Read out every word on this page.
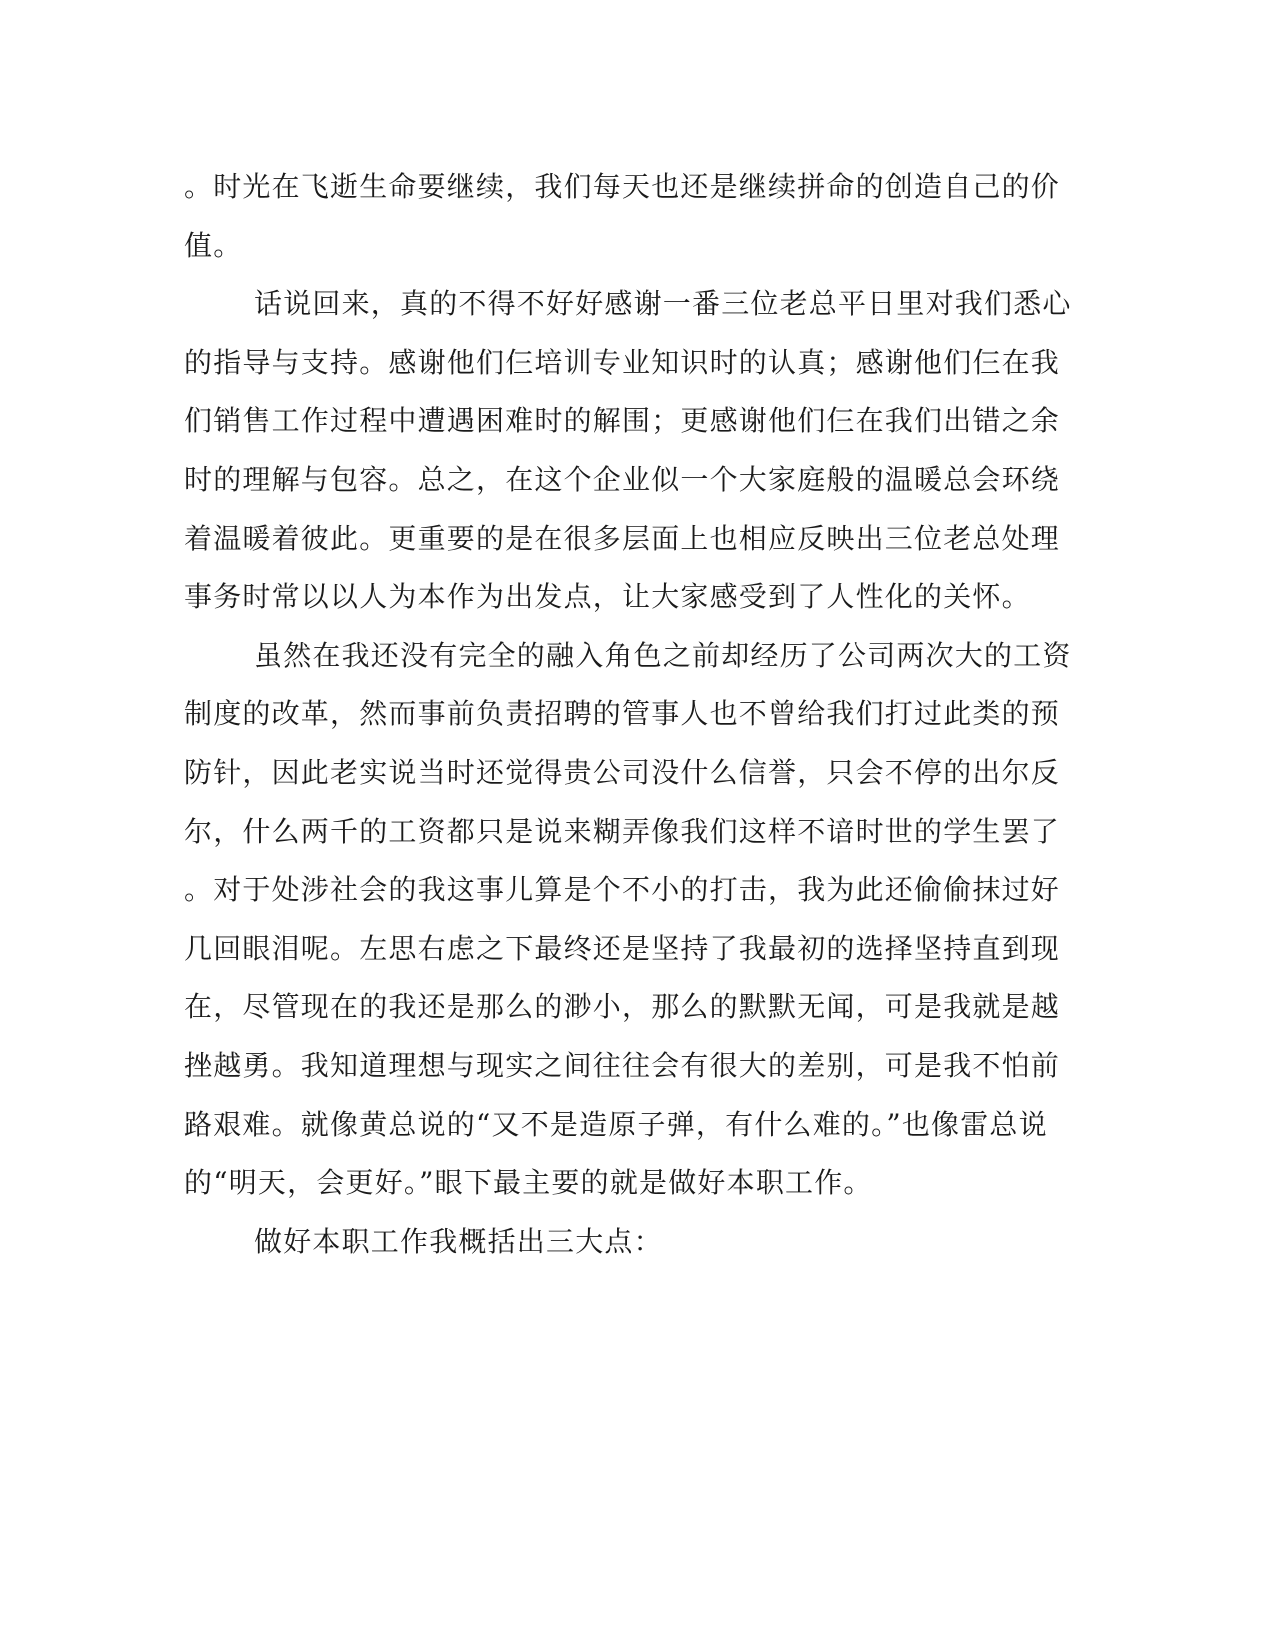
。时光在飞逝生命要继续，我们每天也还是继续拼命的创造自己的价
值。
话说回来，真的不得不好好感谢一番三位老总平日里对我们悉心
的指导与支持。感谢他们仨培训专业知识时的认真；感谢他们仨在我
们销售工作过程中遭遇困难时的解围；更感谢他们仨在我们出错之余
时的理解与包容。总之，在这个企业似一个大家庭般的温暖总会环绕
着温暖着彼此。更重要的是在很多层面上也相应反映出三位老总处理
事务时常以以人为本作为出发点，让大家感受到了人性化的关怀。
虽然在我还没有完全的融入角色之前却经历了公司两次大的工资
制度的改革，然而事前负责招聘的管事人也不曾给我们打过此类的预
防针，因此老实说当时还觉得贵公司没什么信誉，只会不停的出尔反
尔，什么两千的工资都只是说来糊弄像我们这样不谙时世的学生罢了
。对于处涉社会的我这事儿算是个不小的打击，我为此还偷偷抹过好
几回眼泪呢。左思右虑之下最终还是坚持了我最初的选择坚持直到现
在，尽管现在的我还是那么的渺小，那么的默默无闻，可是我就是越
挫越勇。我知道理想与现实之间往往会有很大的差别，可是我不怕前
路艰难。就像黄总说的“又不是造原子弹，有什么难的。”也像雷总说
的“明天，会更好。”眼下最主要的就是做好本职工作。
做好本职工作我概括出三大点：
